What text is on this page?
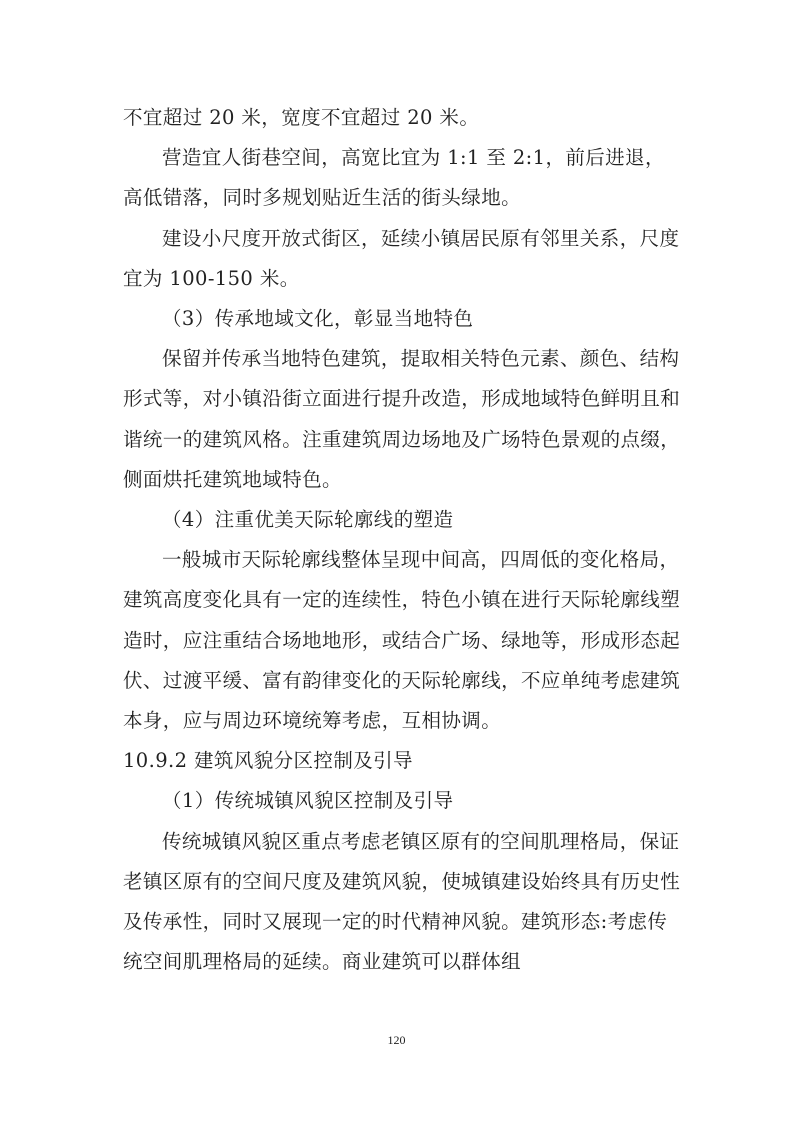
不宜超过 20 米，宽度不宜超过 20 米。

营造宜人街巷空间，高宽比宜为 1:1 至 2:1，前后进退，高低错落，同时多规划贴近生活的街头绿地。

建设小尺度开放式街区，延续小镇居民原有邻里关系，尺度宜为 100-150 米。

（3）传承地域文化，彰显当地特色

保留并传承当地特色建筑，提取相关特色元素、颜色、结构形式等，对小镇沿街立面进行提升改造，形成地域特色鲜明且和谐统一的建筑风格。注重建筑周边场地及广场特色景观的点缀，侧面烘托建筑地域特色。

（4）注重优美天际轮廓线的塑造

一般城市天际轮廓线整体呈现中间高，四周低的变化格局，建筑高度变化具有一定的连续性，特色小镇在进行天际轮廓线塑造时，应注重结合场地地形，或结合广场、绿地等，形成形态起伏、过渡平缓、富有韵律变化的天际轮廓线，不应单纯考虑建筑本身，应与周边环境统筹考虑，互相协调。

10.9.2 建筑风貌分区控制及引导

（1）传统城镇风貌区控制及引导

传统城镇风貌区重点考虑老镇区原有的空间肌理格局，保证老镇区原有的空间尺度及建筑风貌，使城镇建设始终具有历史性及传承性，同时又展现一定的时代精神风貌。建筑形态:考虑传统空间肌理格局的延续。商业建筑可以群体组

120
